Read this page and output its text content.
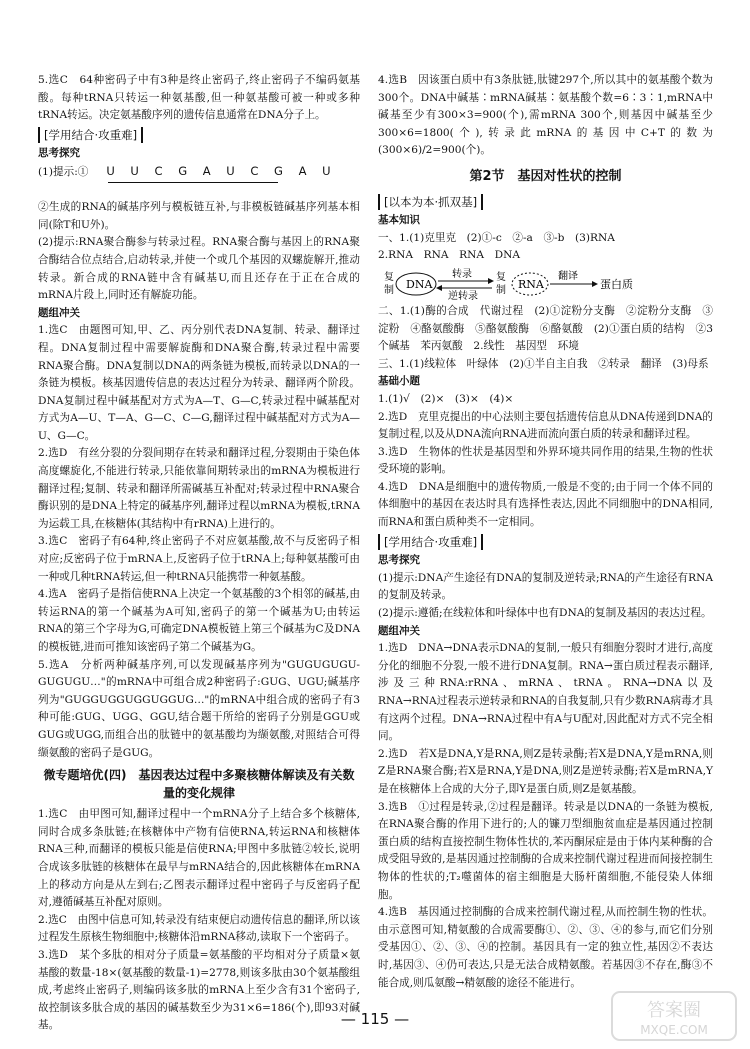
5.选C　64种密码子中有3种是终止密码子,终止密码子不编码氨基酸。每种tRNA只转运一种氨基酸,但一种氨基酸可被一种或多种tRNA转运。决定氨基酸序列的遗传信息通常在DNA分子上。

[学用结合·攻重难]
思考探究
(1)提示:① U U C G A U C G A U

②生成的RNA的碱基序列与模板链互补,与非模板链碱基序列基本相同(除T和U外)。

(2)提示:RNA聚合酶参与转录过程。RNA聚合酶与基因上的RNA聚合酶结合位点结合,启动转录,并使一个或几个基因的双螺旋解开,推动转录。新合成的RNA链中含有碱基U,而且还存在于正在合成的mRNA片段上,同时还有解旋功能。

题组冲关

1.选C　由题图可知,甲、乙、丙分别代表DNA复制、转录、翻译过程。DNA复制过程中需要解旋酶和DNA聚合酶,转录过程中需要RNA聚合酶。DNA复制以DNA的两条链为模板,而转录以DNA的一条链为模板。核基因遗传信息的表达过程分为转录、翻译两个阶段。DNA复制过程中碱基配对方式为A—T、G—C,转录过程中碱基配对方式为A—U、T—A、G—C、C—G,翻译过程中碱基配对方式为A—U、G—C。

2.选D　有丝分裂的分裂间期存在转录和翻译过程,分裂期由于染色体高度螺旋化,不能进行转录,只能依靠间期转录出的mRNA为模板进行翻译过程;复制、转录和翻译所需碱基互补配对;转录过程中RNA聚合酶识别的是DNA上特定的碱基序列,翻译过程以mRNA为模板,tRNA为运载工具,在核糖体(其结构中有rRNA)上进行的。

3.选C　密码子有64种,终止密码子不对应氨基酸,故不与反密码子相对应;反密码子位于mRNA上,反密码子位于tRNA上;每种氨基酸可由一种或几种tRNA转运,但一种tRNA只能携带一种氨基酸。

4.选A　密码子是指信使RNA上决定一个氨基酸的3个相邻的碱基,由转运RNA的第一个碱基为A可知,密码子的第一个碱基为U;由转运RNA的第三个字母为G,可确定DNA模板链上第三个碱基为C及DNA的模板链,进而可推知该密码子第二个碱基为G。

5.选A　分析两种碱基序列,可以发现碱基序列为"GUGUGUGU-GUGUGU…"的mRNA中可组合成2种密码子:GUG、UGU;碱基序列为"GUGGUGGUGGUGGUG…"的mRNA中组合成的密码子有3种可能:GUG、UGG、GGU,结合题干所给的密码子分别是GGU或GUG或UGG,而组合出的肽链中的氨基酸均为缬氨酸,对照结合可得缬氨酸的密码子是GUG。

微专题培优(四)　基因表达过程中多聚核糖体解读及有关数量的变化规律

1.选C　由甲图可知,翻译过程中一个mRNA分子上结合多个核糖体,同时合成多条肽链;在核糖体中产物有信使RNA,转运RNA和核糖体RNA三种,而翻译的模板只能是信使RNA;甲图中多肽链②较长,说明合成该多肽链的核糖体在最早与mRNA结合的,因此核糖体在mRNA上的移动方向是从左到右;乙图表示翻译过程中密码子与反密码子配对,遵循碱基互补配对原则。

2.选C　由图中信息可知,转录没有结束便启动遗传信息的翻译,所以该过程发生原核生物细胞中;核糖体沿mRNA移动,读取下一个密码子。

3.选D　某个多肽的相对分子质量=氨基酸的平均相对分子质量×氨基酸的数量-18×(氨基酸的数量-1)=2778,则该多肽由30个氨基酸组成,考虑终止密码子,则编码该多肽的mRNA上至少含有31个密码子,故控制该多肽合成的基因的碱基数至少为31×6=186(个),即93对碱基。

4.选B　因该蛋白质中有3条肽链,肽键297个,所以其中的氨基酸个数为300个。DNA中碱基∶mRNA碱基∶氨基酸个数=6∶3∶1,mRNA中碱基至少有300×3=900(个),需mRNA 300个,则基因中碱基至少300×6=1800(个),转录此mRNA的基因中C+T的数为(300×6)/2=900(个)。

第2节　基因对性状的控制
[以本为本·抓双基]
基本知识

一、1.(1)克里克　(2)①-c　②-a　③-b　(3)RNA

2.RNA　RNA　RNA　DNA

复
制 DNA
转录
逆转录
复
制 RNA
翻译
蛋白质

二、1.(1)酶的合成　代谢过程　(2)①淀粉分支酶　②淀粉分支酶　③淀粉　④酪氨酸酶　⑤酪氨酸酶　⑥酪氨酸　(2)①蛋白质的结构　②3个碱基　苯丙氨酸　2.线性　基因型　环境

三、1.(1)线粒体　叶绿体　(2)①半自主自我　②转录　翻译　(3)母系

基础小题

1.(1)√　(2)×　(3)×　(4)×

2.选D　克里克提出的中心法则主要包括遗传信息从DNA传递到DNA的复制过程,以及从DNA流向RNA进而流向蛋白质的转录和翻译过程。

3.选D　生物体的性状是基因型和外界环境共同作用的结果,生物的性状受环境的影响。

4.选D　DNA是细胞中的遗传物质,一般是不变的;由于同一个体不同的体细胞中的基因在表达时具有选择性表达,因此不同细胞中的DNA相同,而RNA和蛋白质种类不一定相同。

[学用结合·攻重难]
思考探究

(1)提示:DNA产生途径有DNA的复制及逆转录;RNA的产生途径有RNA的复制及转录。

(2)提示:遵循;在线粒体和叶绿体中也有DNA的复制及基因的表达过程。

题组冲关

1.选D　DNA→DNA表示DNA的复制,一般只有细胞分裂时才进行,高度分化的细胞不分裂,一般不进行DNA复制。RNA→蛋白质过程表示翻译,涉及三种RNA:rRNA、mRNA、tRNA。RNA→DNA以及RNA→RNA过程表示逆转录和RNA的自我复制,只有少数RNA病毒才具有这两个过程。DNA→RNA过程中有A与U配对,因此配对方式不完全相同。

2.选D　若X是DNA,Y是RNA,则Z是转录酶;若X是DNA,Y是mRNA,则Z是RNA聚合酶;若X是RNA,Y是DNA,则Z是逆转录酶;若X是mRNA,Y是在核糖体上合成的大分子,即Y是蛋白质,则Z是氨基酸。

3.选B　①过程是转录,②过程是翻译。转录是以DNA的一条链为模板,在RNA聚合酶的作用下进行的;人的镰刀型细胞贫血症是基因通过控制蛋白质的结构直接控制生物体性状的,苯丙酮尿症是由于体内某种酶的合成受阻导致的,是基因通过控制酶的合成来控制代谢过程进而间接控制生物体的性状的;T₂噬菌体的宿主细胞是大肠杆菌细胞,不能侵染人体细胞。

4.选B　基因通过控制酶的合成来控制代谢过程,从而控制生物的性状。由示意图可知,精氨酸的合成需要酶①、②、③、④的参与,而它们分别受基因①、②、③、④的控制。基因具有一定的独立性,基因②不表达时,基因③、④仍可表达,只是无法合成精氨酸。若基因③不存在,酶③不能合成,则瓜氨酸→精氨酸的途径不能进行。

— 115 —	答案圈
MXQE.COM
